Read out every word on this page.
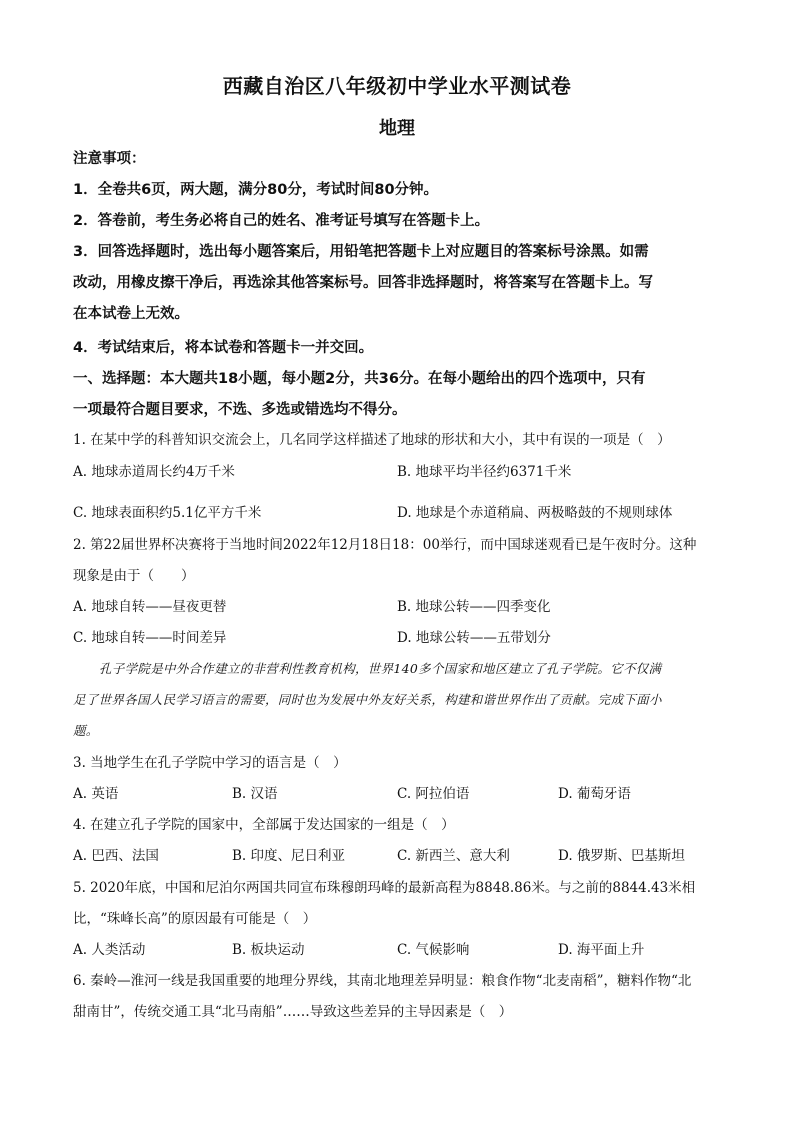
西藏自治区八年级初中学业水平测试卷
地理
注意事项：
1．全卷共6页，两大题，满分80分，考试时间80分钟。
2．答卷前，考生务必将自己的姓名、准考证号填写在答题卡上。
3．回答选择题时，选出每小题答案后，用铅笔把答题卡上对应题目的答案标号涂黑。如需
改动，用橡皮擦干净后，再选涂其他答案标号。回答非选择题时，将答案写在答题卡上。写
在本试卷上无效。
4．考试结束后，将本试卷和答题卡一并交回。
一、选择题：本大题共18小题，每小题2分，共36分。在每小题给出的四个选项中，只有
一项最符合题目要求，不选、多选或错选均不得分。
1. 在某中学的科普知识交流会上，几名同学这样描述了地球的形状和大小，其中有误的一项是（　）
A. 地球赤道周长约4万千米	B. 地球平均半径约6371千米
C. 地球表面积约5.1亿平方千米	D. 地球是个赤道稍扁、两极略鼓的不规则球体
2. 第22届世界杯决赛将于当地时间2022年12月18日18：00举行，而中国球迷观看已是午夜时分。这种
现象是由于（　　）
A. 地球自转——昼夜更替	B. 地球公转——四季变化
C. 地球自转——时间差异	D. 地球公转——五带划分
孔子学院是中外合作建立的非营利性教育机构，世界140多个国家和地区建立了孔子学院。它不仅满
足了世界各国人民学习语言的需要，同时也为发展中外友好关系，构建和谐世界作出了贡献。完成下面小
题。
3. 当地学生在孔子学院中学习的语言是（　）
A. 英语	B. 汉语	C. 阿拉伯语	D. 葡萄牙语
4. 在建立孔子学院的国家中，全部属于发达国家的一组是（　）
A. 巴西、法国	B. 印度、尼日利亚	C. 新西兰、意大利	D. 俄罗斯、巴基斯坦
5. 2020年底，中国和尼泊尔两国共同宣布珠穆朗玛峰的最新高程为8848.86米。与之前的8844.43米相
比，“珠峰长高”的原因最有可能是（　）
A. 人类活动	B. 板块运动	C. 气候影响	D. 海平面上升
6. 秦岭—淮河一线是我国重要的地理分界线，其南北地理差异明显：粮食作物“北麦南稻”，糖料作物“北
甜南甘”，传统交通工具“北马南船”……导致这些差异的主导因素是（　）
